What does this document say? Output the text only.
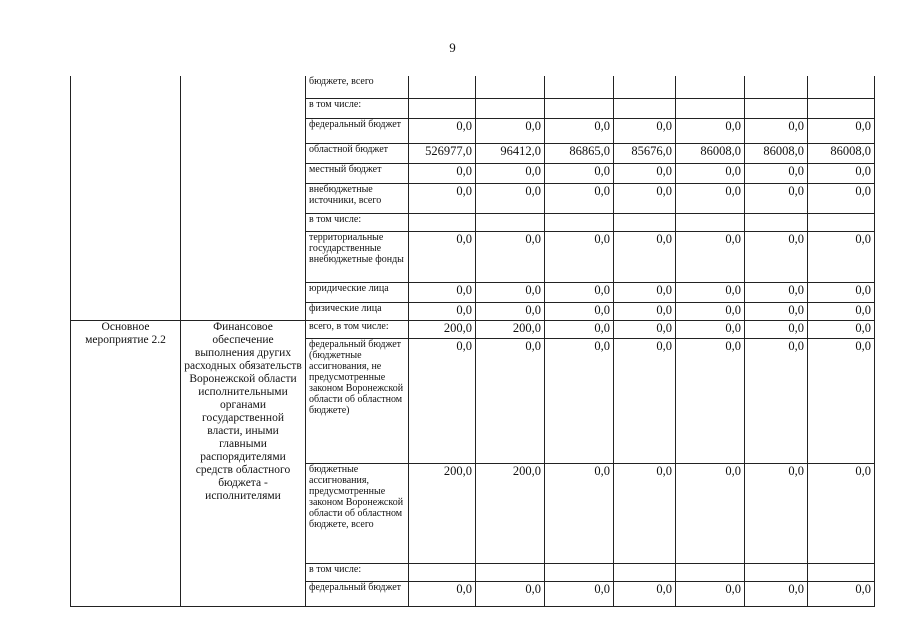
9
		бюджете, всего							
		в том числе:							
		федеральный бюджет	0,0	0,0	0,0	0,0	0,0	0,0	0,0
		областной бюджет	526977,0	96412,0	86865,0	85676,0	86008,0	86008,0	86008,0
		местный бюджет	0,0	0,0	0,0	0,0	0,0	0,0	0,0
		внебюджетные источники, всего	0,0	0,0	0,0	0,0	0,0	0,0	0,0
		в том числе:							
		территориальные государственные внебюджетные фонды	0,0	0,0	0,0	0,0	0,0	0,0	0,0
		юридические лица	0,0	0,0	0,0	0,0	0,0	0,0	0,0
		физические лица	0,0	0,0	0,0	0,0	0,0	0,0	0,0
Основное мероприятие 2.2	Финансовое обеспечение выполнения других расходных обязательств Воронежской области исполнительными органами государственной власти, иными главными распорядителями средств областного бюджета - исполнителями	всего, в том числе:	200,0	200,0	0,0	0,0	0,0	0,0	0,0
		федеральный бюджет (бюджетные ассигнования, не предусмотренные законом Воронежской области об областном бюджете)	0,0	0,0	0,0	0,0	0,0	0,0	0,0
		бюджетные ассигнования, предусмотренные законом Воронежской области об областном бюджете, всего	200,0	200,0	0,0	0,0	0,0	0,0	0,0
		в том числе:							
		федеральный бюджет	0,0	0,0	0,0	0,0	0,0	0,0	0,0
